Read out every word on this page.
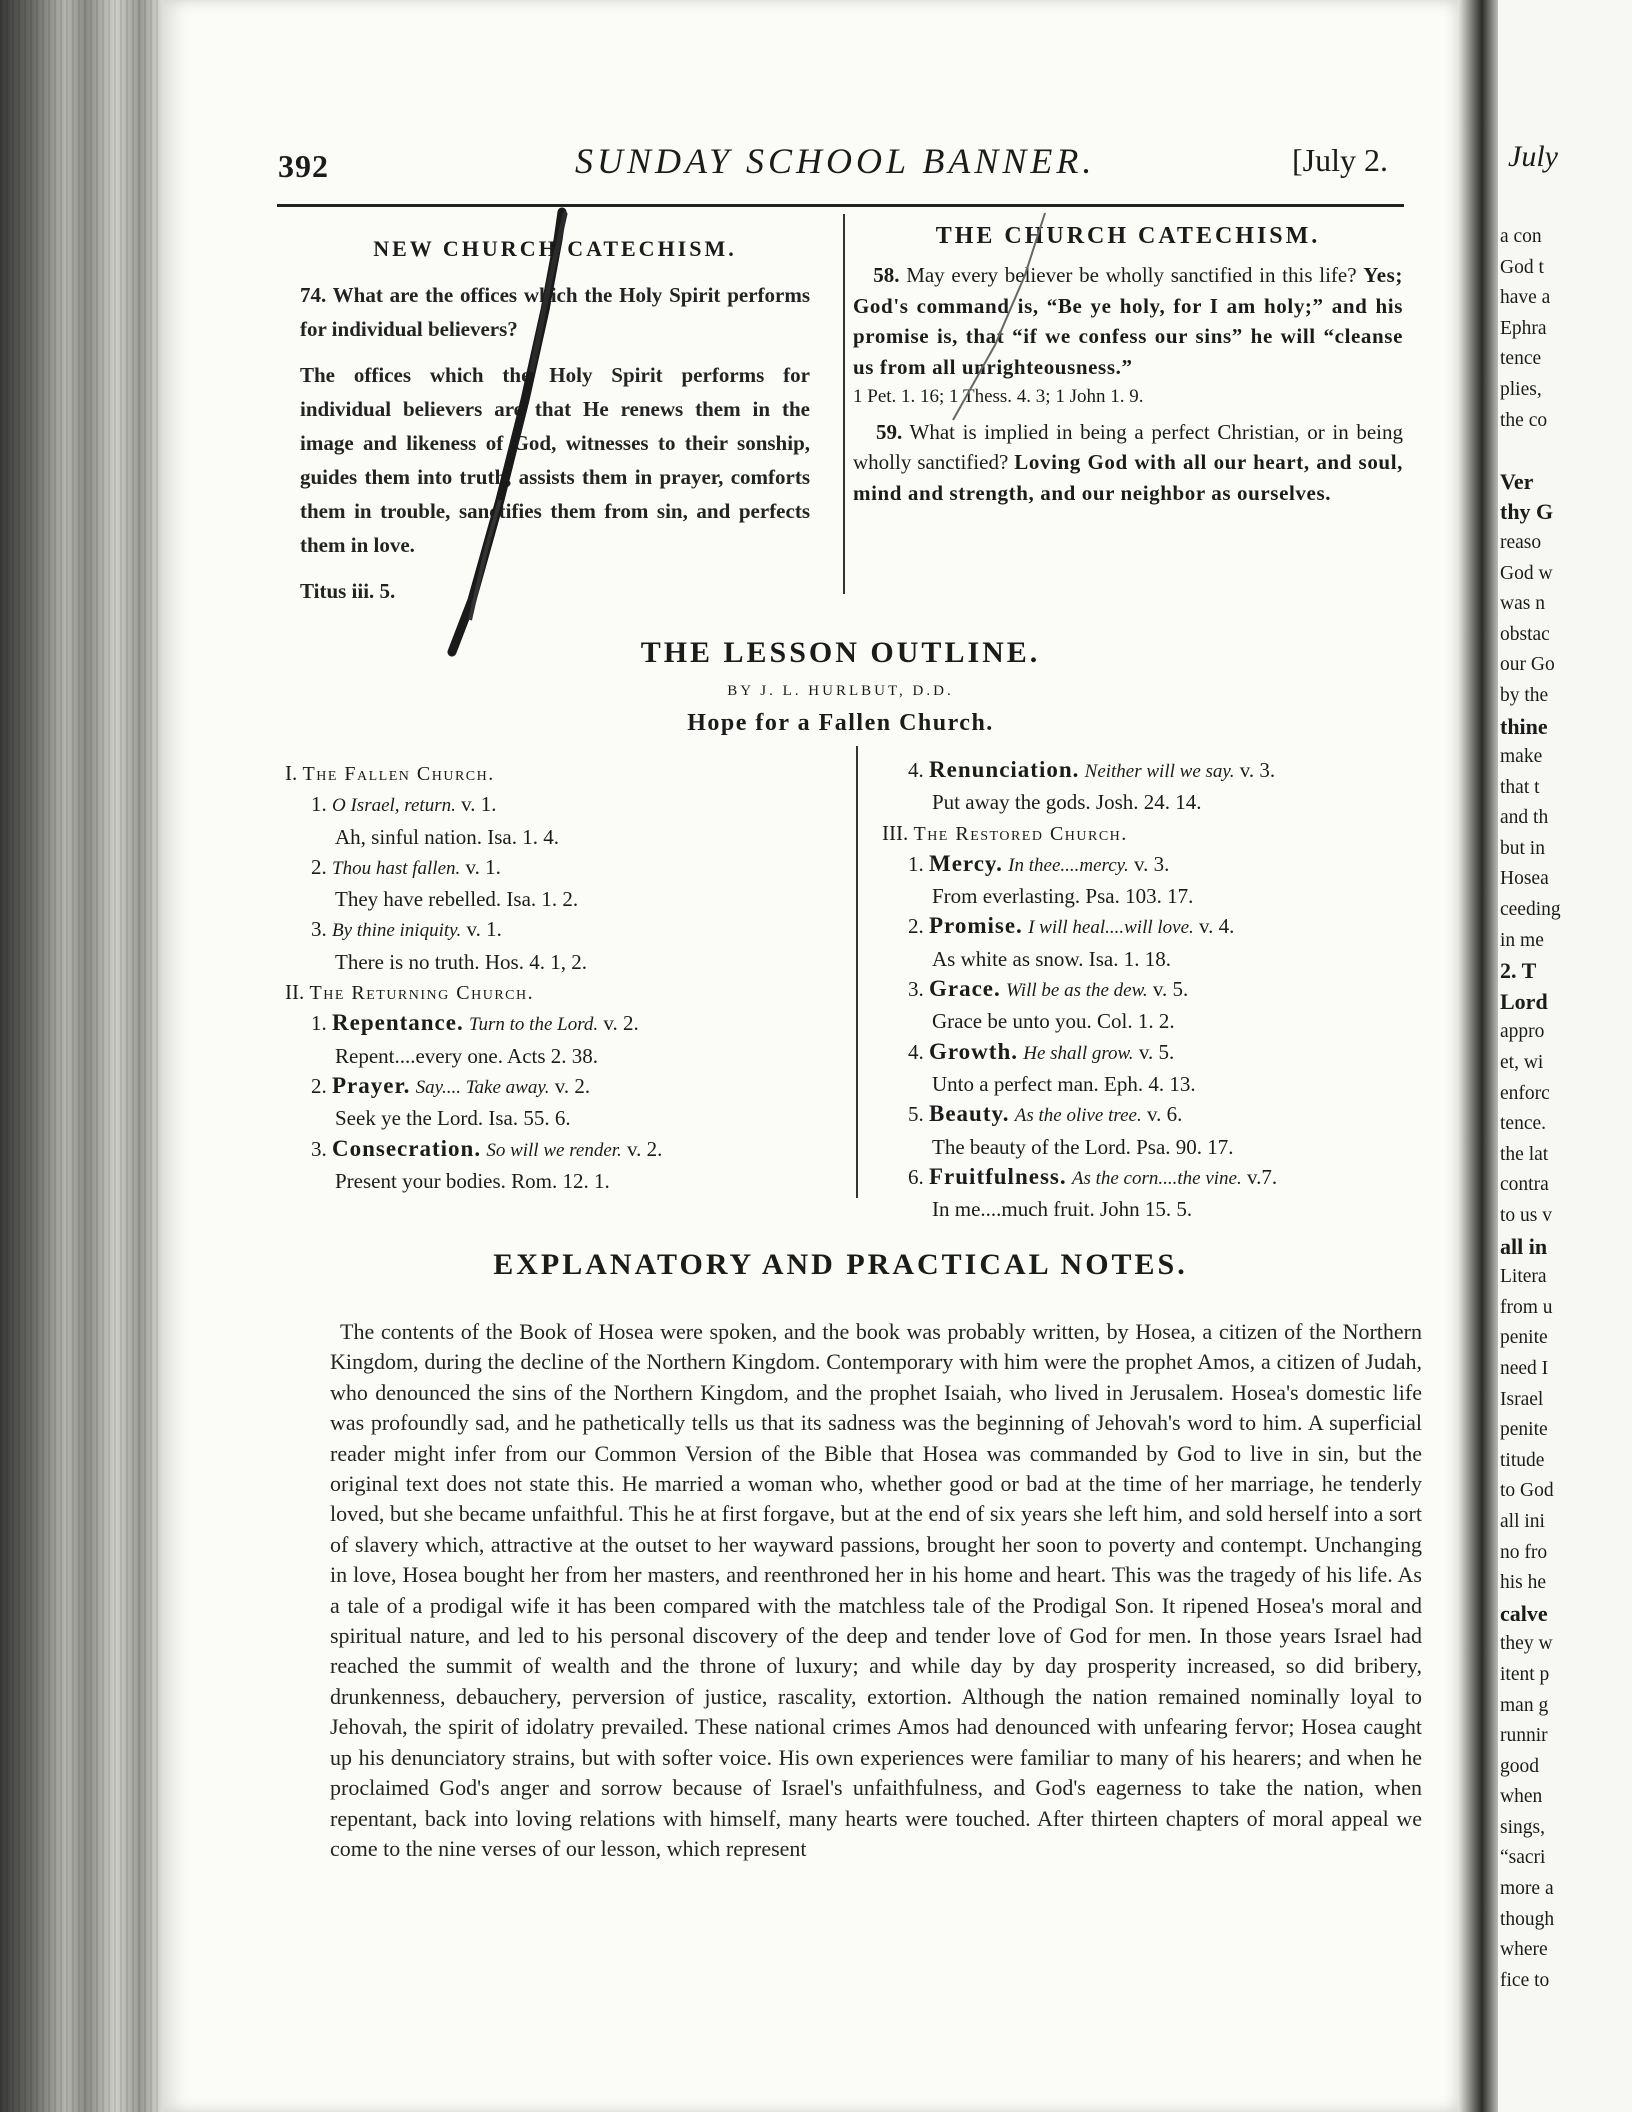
392	SUNDAY SCHOOL BANNER.	[July 2.
NEW CHURCH CATECHISM.

74. What are the offices which the Holy Spirit performs for individual believers?

The offices which the Holy Spirit performs for individual believers are that He renews them in the image and likeness of God, witnesses to their sonship, guides them into truth, assists them in prayer, comforts them in trouble, sanctifies them from sin, and perfects them in love.

Titus iii. 5.

THE CHURCH CATECHISM.

58. May every believer be wholly sanctified in this life? Yes; God's command is, “Be ye holy, for I am holy;” and his promise is, that “if we confess our sins” he will “cleanse us from all unrighteousness.”

1 Pet. 1. 16; 1 Thess. 4. 3; 1 John 1. 9.

59. What is implied in being a perfect Christian, or in being wholly sanctified? Loving God with all our heart, and soul, mind and strength, and our neighbor as ourselves.

THE LESSON OUTLINE.
BY J. L. HURLBUT, D.D.
Hope for a Fallen Church.
I. The Fallen Church.
1. O Israel, return. v. 1.
Ah, sinful nation. Isa. 1. 4.
2. Thou hast fallen. v. 1.
They have rebelled. Isa. 1. 2.
3. By thine iniquity. v. 1.
There is no truth. Hos. 4. 1, 2.
II. The Returning Church.
1. Repentance. Turn to the Lord. v. 2.
Repent....every one. Acts 2. 38.
2. Prayer. Say.... Take away. v. 2.
Seek ye the Lord. Isa. 55. 6.
3. Consecration. So will we render. v. 2.
Present your bodies. Rom. 12. 1.
4. Renunciation. Neither will we say. v. 3.
Put away the gods. Josh. 24. 14.
III. The Restored Church.
1. Mercy. In thee....mercy. v. 3.
From everlasting. Psa. 103. 17.
2. Promise. I will heal....will love. v. 4.
As white as snow. Isa. 1. 18.
3. Grace. Will be as the dew. v. 5.
Grace be unto you. Col. 1. 2.
4. Growth. He shall grow. v. 5.
Unto a perfect man. Eph. 4. 13.
5. Beauty. As the olive tree. v. 6.
The beauty of the Lord. Psa. 90. 17.
6. Fruitfulness. As the corn....the vine. v.7.
In me....much fruit. John 15. 5.
EXPLANATORY AND PRACTICAL NOTES.

The contents of the Book of Hosea were spoken, and the book was probably written, by Hosea, a citizen of the Northern Kingdom, during the decline of the Northern Kingdom. Contemporary with him were the prophet Amos, a citizen of Judah, who denounced the sins of the Northern Kingdom, and the prophet Isaiah, who lived in Jerusalem. Hosea's domestic life was profoundly sad, and he pathetically tells us that its sadness was the beginning of Jehovah's word to him. A superficial reader might infer from our Common Version of the Bible that Hosea was commanded by God to live in sin, but the original text does not state this. He married a woman who, whether good or bad at the time of her marriage, he tenderly loved, but she became unfaithful. This he at first forgave, but at the end of six years she left him, and sold herself into a sort of slavery which, attractive at the outset to her wayward passions, brought her soon to poverty and contempt. Unchanging in love, Hosea bought her from her masters, and reenthroned her in his home and heart. This was the tragedy of his life. As a tale of a prodigal wife it has been compared with the matchless tale of the Prodigal Son. It ripened Hosea's moral and spiritual nature, and led to his personal discovery of the deep and tender love of God for men. In those years Israel had reached the summit of wealth and the throne of luxury; and while day by day prosperity increased, so did bribery, drunkenness, debauchery, perversion of justice, rascality, extortion. Although the nation remained nominally loyal to Jehovah, the spirit of idolatry prevailed. These national crimes Amos had denounced with unfearing fervor; Hosea caught up his denunciatory strains, but with softer voice. His own experiences were familiar to many of his hearers; and when he proclaimed God's anger and sorrow because of Israel's unfaithfulness, and God's eagerness to take the nation, when repentant, back into loving relations with himself, many hearts were touched. After thirteen chapters of moral appeal we come to the nine verses of our lesson, which represent

July
a con
God t
have a
Ephra
tence
plies,
the co

Ver
thy G
reaso
God w
was n
obstac
our Go
by the
thine
make
that t
and th
but in
Hosea
ceeding
in me
2. T
Lord
appro
et, wi
enforc
tence.
the lat
contra
to us v
all in
Litera
from u
penite
need I
Israel
penite
titude
to God
all ini
no fro
his he
calve
they w
itent p
man g
runnir
good
when
sings,
“sacri
more a
though
where
fice to
